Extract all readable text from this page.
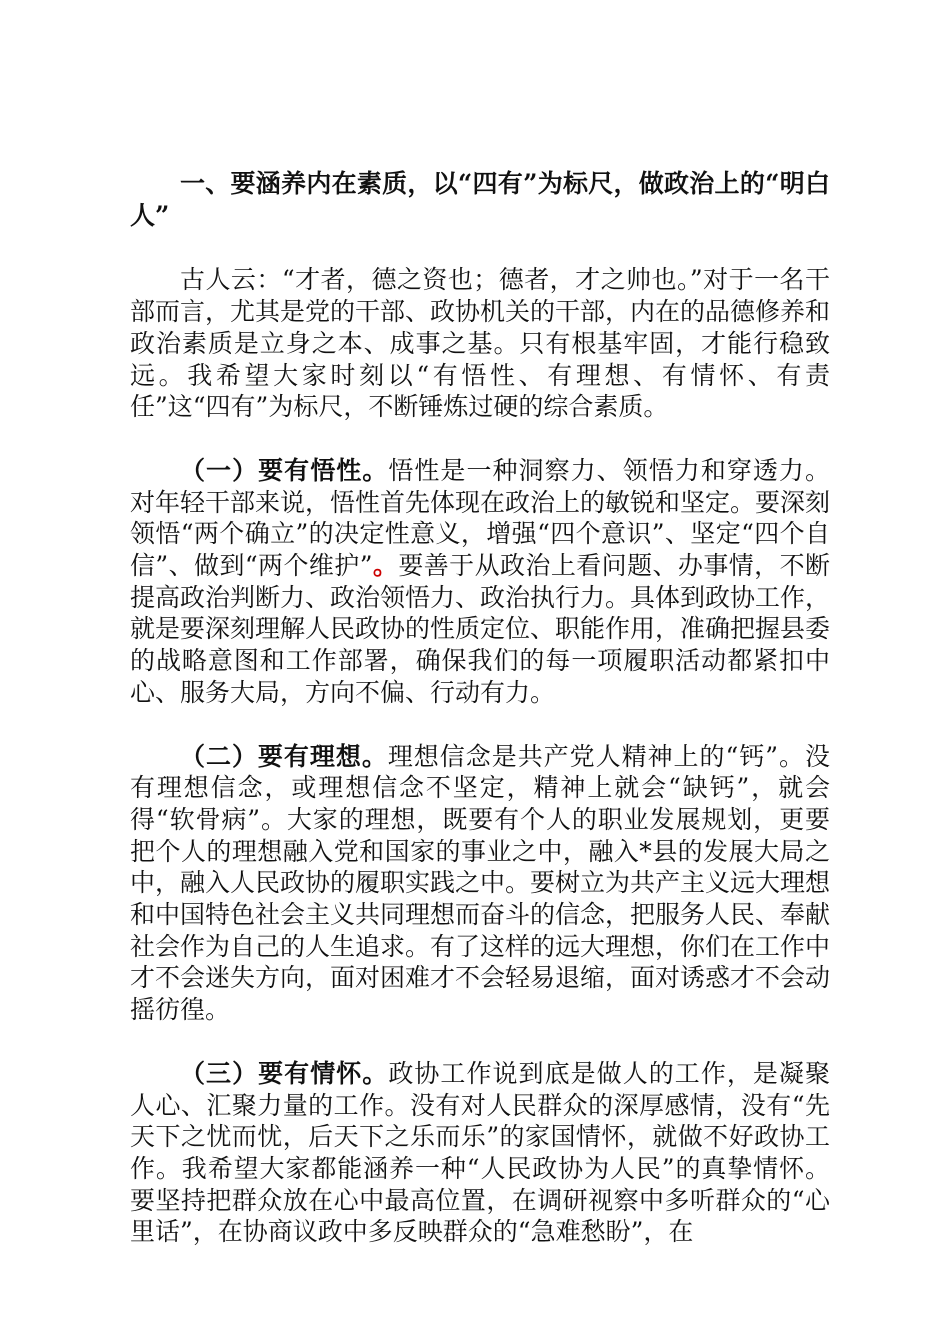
一、要涵养内在素质，以“四有”为标尺，做政治上的“明白人”

古人云：“才者，德之资也；德者，才之帅也。”对于一名干部而言，尤其是党的干部、政协机关的干部，内在的品德修养和政治素质是立身之本、成事之基。只有根基牢固，才能行稳致远。我希望大家时刻以“有悟性、有理想、有情怀、有责任”这“四有”为标尺，不断锤炼过硬的综合素质。

（一）要有悟性。悟性是一种洞察力、领悟力和穿透力。对年轻干部来说，悟性首先体现在政治上的敏锐和坚定。要深刻领悟“两个确立”的决定性意义，增强“四个意识”、坚定“四个自信”、做到“两个维护”。要善于从政治上看问题、办事情，不断提高政治判断力、政治领悟力、政治执行力。具体到政协工作，就是要深刻理解人民政协的性质定位、职能作用，准确把握县委的战略意图和工作部署，确保我们的每一项履职活动都紧扣中心、服务大局，方向不偏、行动有力。

（二）要有理想。理想信念是共产党人精神上的“钙”。没有理想信念，或理想信念不坚定，精神上就会“缺钙”，就会得“软骨病”。大家的理想，既要有个人的职业发展规划，更要把个人的理想融入党和国家的事业之中，融入*县的发展大局之中，融入人民政协的履职实践之中。要树立为共产主义远大理想和中国特色社会主义共同理想而奋斗的信念，把服务人民、奉献社会作为自己的人生追求。有了这样的远大理想，你们在工作中才不会迷失方向，面对困难才不会轻易退缩，面对诱惑才不会动摇彷徨。

（三）要有情怀。政协工作说到底是做人的工作，是凝聚人心、汇聚力量的工作。没有对人民群众的深厚感情，没有“先天下之忧而忧，后天下之乐而乐”的家国情怀，就做不好政协工作。我希望大家都能涵养一种“人民政协为人民”的真挚情怀。要坚持把群众放在心中最高位置，在调研视察中多听群众的“心里话”，在协商议政中多反映群众的“急难愁盼”，在
